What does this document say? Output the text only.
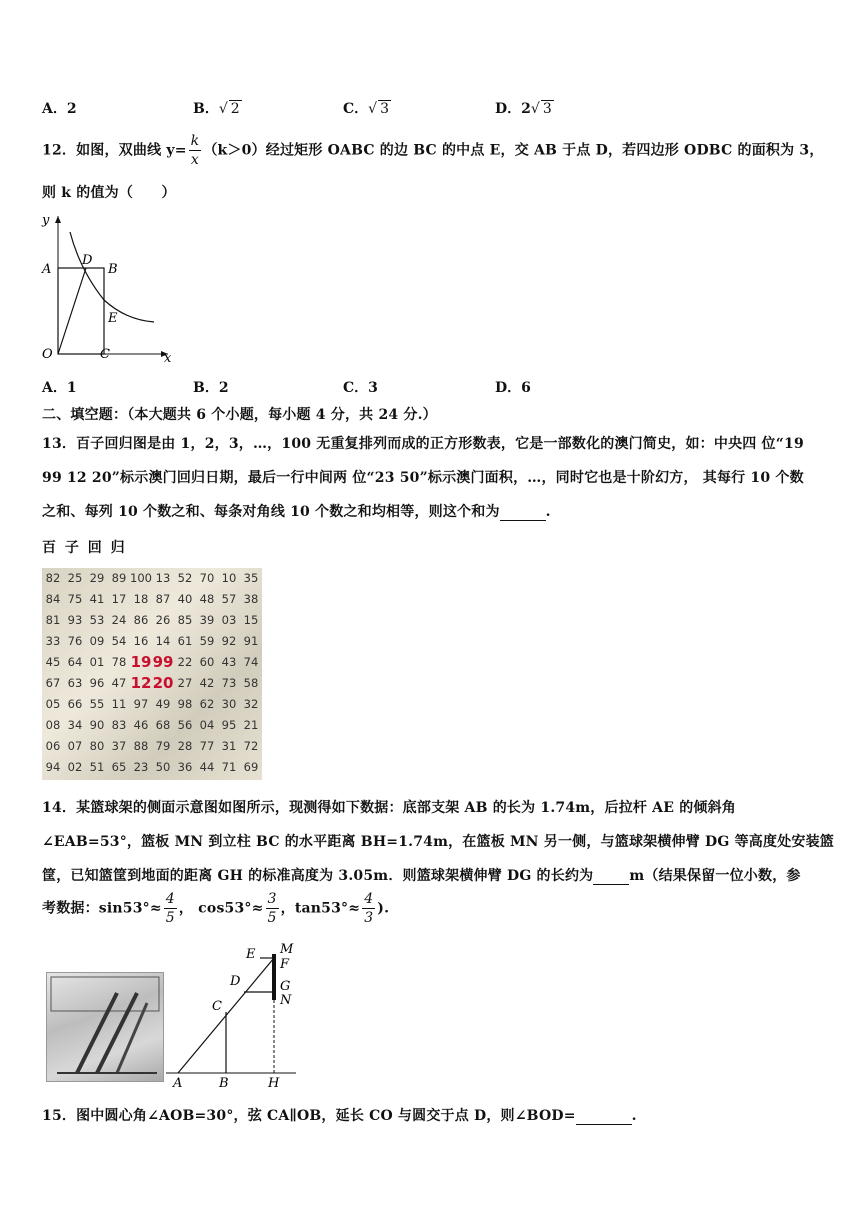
A．2	B．√ 2	C．√ 3	D．2√ 3
12．如图，双曲线 $y= \frac{k}{x} (k>0)$经过矩形 OABC 的边 BC 的中点 E，交 AB 于点 D，若四边形 ODBC 的面积为 3，
则 k 的值为（　　）
y
x
A
D
B
E
O	C
A．1	B．2	C．3	D．6
二、填空题：（本大题共 6 个小题，每小题 4 分，共 24 分.）
13．百子回归图是由 1，2，3，…，100 无重复排列而成的正方形数表，它是一部数化的澳门简史，如：中央四 位“19
99 12 20”标示澳门回归日期，最后一行中间两 位“23 50”标示澳门面积，…，同时它也是十阶幻方， 其每行 10 个数
之和、每列 10 个数之和、每条对角线 10 个数之和均相等，则这个和为	.
百 子 回 归
82 25 29 89 100 13 52 70 10 35
84 75 41 17 18 87 40 48 57 38
81 93 53 24 86 26 85 39 03 15
33 76 09 54 16 14 61 59 92 91
45 64 01 78 19 99 22 60 43 74
67 63 96 47 12 20 27 42 73 58
05 66 55 11 97 49 98 62 30 32
08 34 90 83 46 68 56 04 95 21
06 07 80 37 88 79 28 77 31 72
94 02 51 65 23 50 36 44 71 69
14．某篮球架的侧面示意图如图所示，现测得如下数据：底部支架 AB 的长为 1.74m，后拉杆 AE 的倾斜角
∠EAB=53°，篮板 MN 到立柱 BC 的水平距离 BH=1.74m，在篮板 MN 另一侧，与篮球架横伸臂 DG 等高度处安装篮
筐，已知篮筐到地面的距离 GH 的标准高度为 3.05m．则篮球架横伸臂 DG 的长约为	m（结果保留一位小数，参
考数据：$\sin 53^\circ\approx \frac{4}{5}$ ， $\cos 53^\circ\approx \frac{3}{5}$ ，$\tan 53^\circ\approx \frac{4}{3}$ ).
E M
F
D	G
N
C
A	B	H
15．图中圆心角∠AOB=30°，弦 CA∥OB，延长 CO 与圆交于点 D，则∠BOD=	.
